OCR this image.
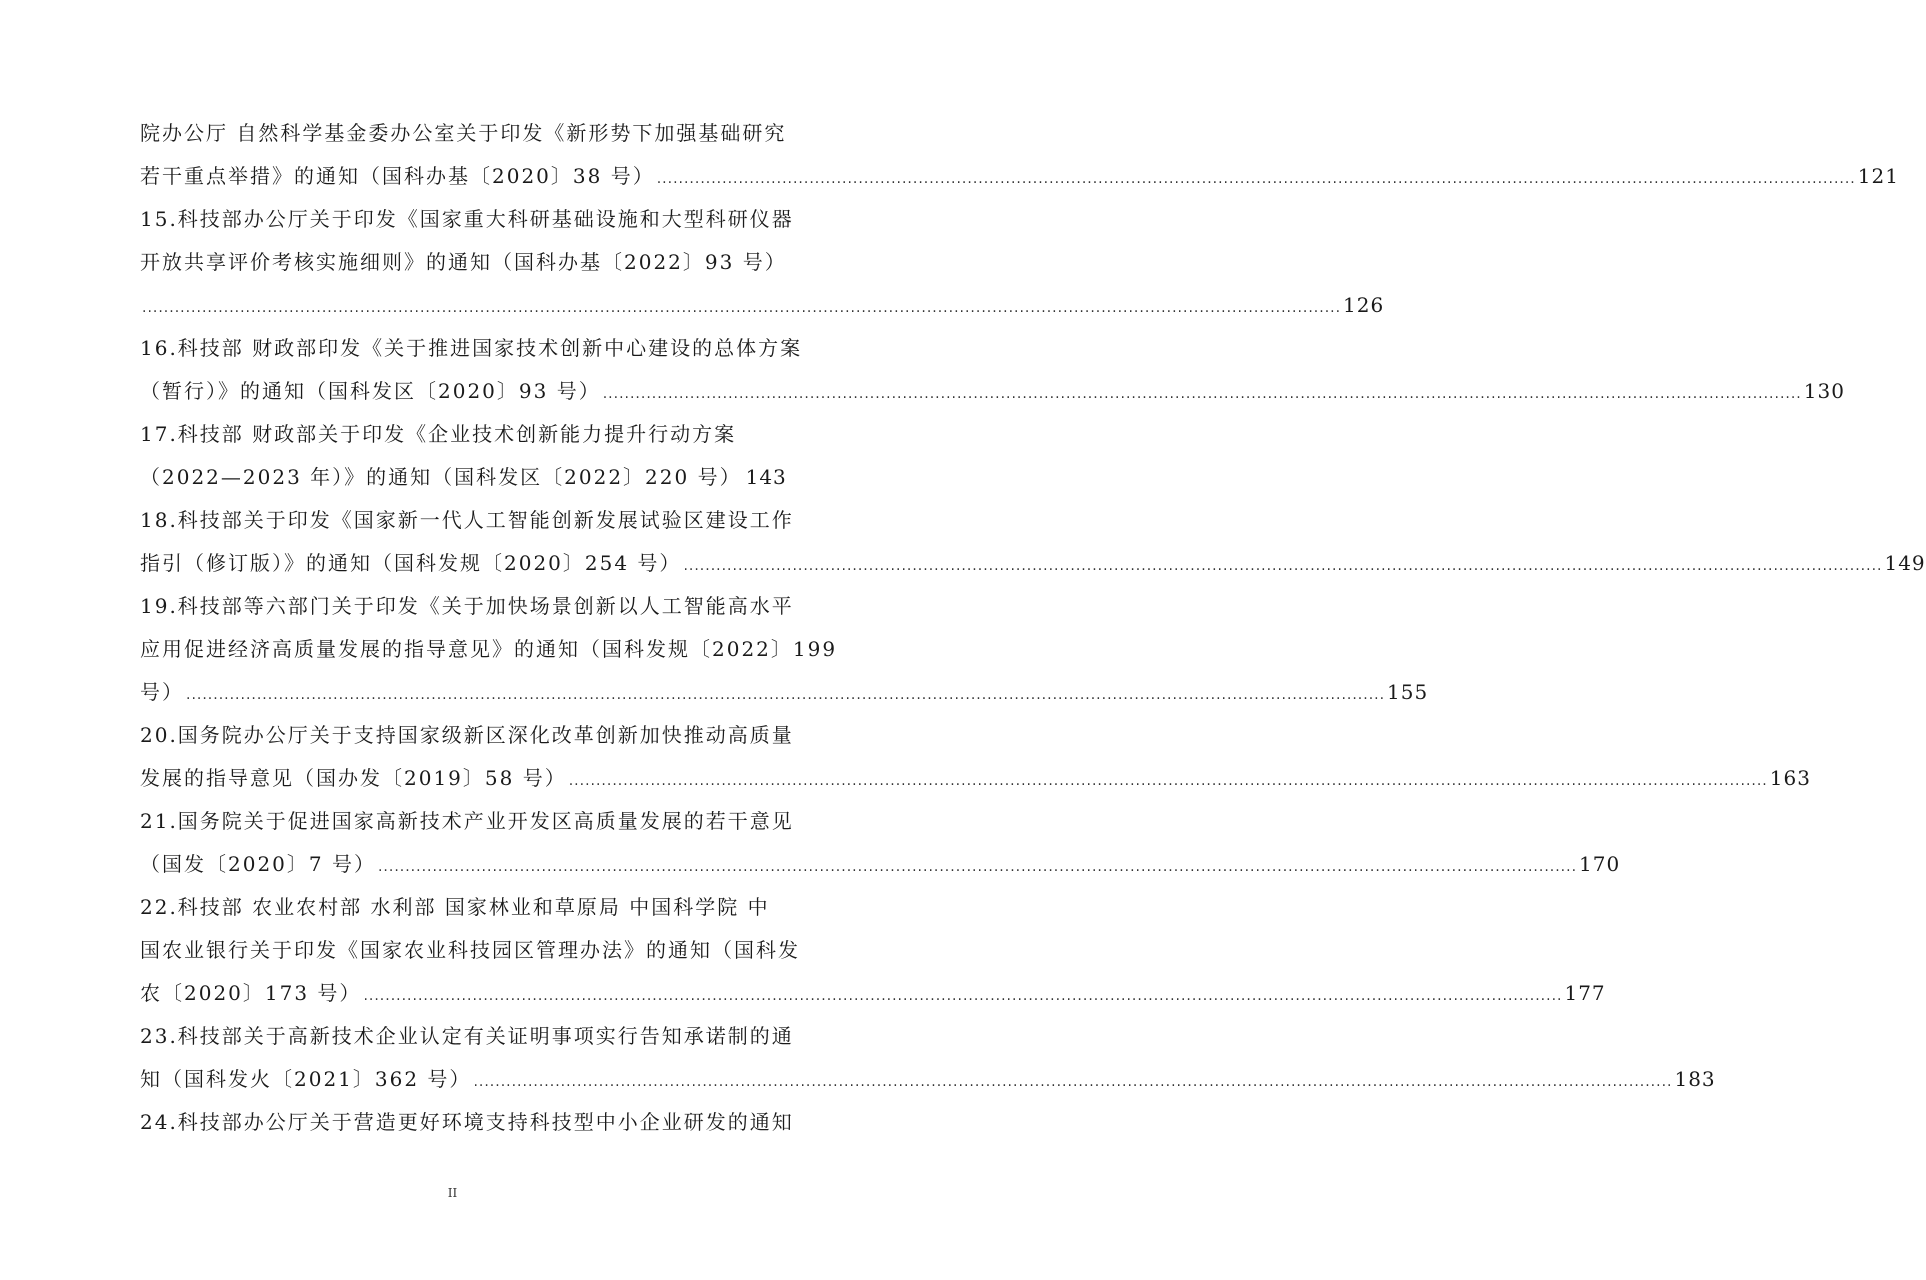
院办公厅 自然科学基金委办公室关于印发《新形势下加强基础研究
若干重点举措》的通知（国科办基〔2020〕38 号） ............................................................................................................................................................................................................................ 121
15.科技部办公厅关于印发《国家重大科研基础设施和大型科研仪器
开放共享评价考核实施细则》的通知（国科办基〔2022〕93 号）
............................................................................................................................................................................................................................ 126
16.科技部 财政部印发《关于推进国家技术创新中心建设的总体方案
（暂行）》的通知（国科发区〔2020〕93 号） ............................................................................................................................................................................................................................ 130
17.科技部 财政部关于印发《企业技术创新能力提升行动方案
（2022—2023 年）》的通知（国科发区〔2022〕220 号） 143
18.科技部关于印发《国家新一代人工智能创新发展试验区建设工作
指引（修订版）》的通知（国科发规〔2020〕254 号） ............................................................................................................................................................................................................................ 149
19.科技部等六部门关于印发《关于加快场景创新以人工智能高水平
应用促进经济高质量发展的指导意见》的通知（国科发规〔2022〕199
号） ............................................................................................................................................................................................................................ 155
20.国务院办公厅关于支持国家级新区深化改革创新加快推动高质量
发展的指导意见（国办发〔2019〕58 号） ............................................................................................................................................................................................................................ 163
21.国务院关于促进国家高新技术产业开发区高质量发展的若干意见
（国发〔2020〕7 号） ............................................................................................................................................................................................................................ 170
22.科技部 农业农村部 水利部 国家林业和草原局 中国科学院 中
国农业银行关于印发《国家农业科技园区管理办法》的通知（国科发
农〔2020〕173 号） ............................................................................................................................................................................................................................ 177
23.科技部关于高新技术企业认定有关证明事项实行告知承诺制的通
知（国科发火〔2021〕362 号） ............................................................................................................................................................................................................................ 183
24.科技部办公厅关于营造更好环境支持科技型中小企业研发的通知
II
